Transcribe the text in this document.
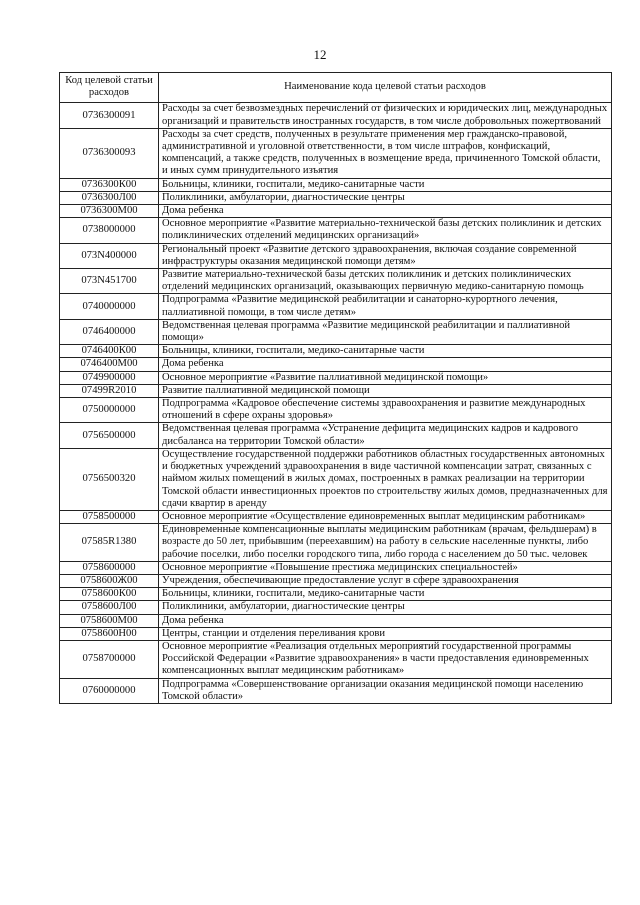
12
Код целевой статьи расходов	Наименование кода целевой статьи расходов
0736300091	Расходы за счет безвозмездных перечислений от физических и юридических лиц, международных организаций и правительств иностранных государств, в том числе добровольных пожертвований
0736300093	Расходы за счет средств, полученных в результате применения мер гражданско-правовой, административной и уголовной ответственности, в том числе штрафов, конфискаций, компенсаций, а также средств, полученных в возмещение вреда, причиненного Томской области, и иных сумм принудительного изъятия
0736300К00	Больницы, клиники, госпитали, медико-санитарные части
0736300Л00	Поликлиники, амбулатории, диагностические центры
0736300М00	Дома ребенка
0738000000	Основное мероприятие «Развитие материально-технической базы детских поликлиник и детских поликлинических отделений медицинских организаций»
073N400000	Региональный проект «Развитие детского здравоохранения, включая создание современной инфраструктуры оказания медицинской помощи детям»
073N451700	Развитие материально-технической базы детских поликлиник и детских поликлинических отделений медицинских организаций, оказывающих первичную медико-санитарную помощь
0740000000	Подпрограмма «Развитие медицинской реабилитации и санаторно-курортного лечения, паллиативной помощи, в том числе детям»
0746400000	Ведомственная целевая программа «Развитие медицинской реабилитации и паллиативной помощи»
0746400К00	Больницы, клиники, госпитали, медико-санитарные части
0746400М00	Дома ребенка
0749900000	Основное мероприятие «Развитие паллиативной медицинской помощи»
07499R2010	Развитие паллиативной медицинской помощи
0750000000	Подпрограмма «Кадровое обеспечение системы здравоохранения и развитие международных отношений в сфере охраны здоровья»
0756500000	Ведомственная целевая программа «Устранение дефицита медицинских кадров и кадрового дисбаланса на территории Томской области»
0756500320	Осуществление государственной поддержки работников областных государственных автономных и бюджетных учреждений здравоохранения в виде частичной компенсации затрат, связанных с наймом жилых помещений в жилых домах, построенных в рамках реализации на территории Томской области инвестиционных проектов по строительству жилых домов, предназначенных для сдачи квартир в аренду
0758500000	Основное мероприятие «Осуществление единовременных выплат медицинским работникам»
07585R1380	Единовременные компенсационные выплаты медицинским работникам (врачам, фельдшерам) в возрасте до 50 лет, прибывшим (переехавшим) на работу в сельские населенные пункты, либо рабочие поселки, либо поселки городского типа, либо города с населением до 50 тыс. человек
0758600000	Основное мероприятие «Повышение престижа медицинских специальностей»
0758600Ж00	Учреждения, обеспечивающие предоставление услуг в сфере здравоохранения
0758600К00	Больницы, клиники, госпитали, медико-санитарные части
0758600Л00	Поликлиники, амбулатории, диагностические центры
0758600М00	Дома ребенка
0758600Н00	Центры, станции и отделения переливания крови
0758700000	Основное мероприятие «Реализация отдельных мероприятий государственной программы Российской Федерации «Развитие здравоохранения» в части предоставления единовременных компенсационных выплат медицинским работникам»
0760000000	Подпрограмма «Совершенствование организации оказания медицинской помощи населению Томской области»
